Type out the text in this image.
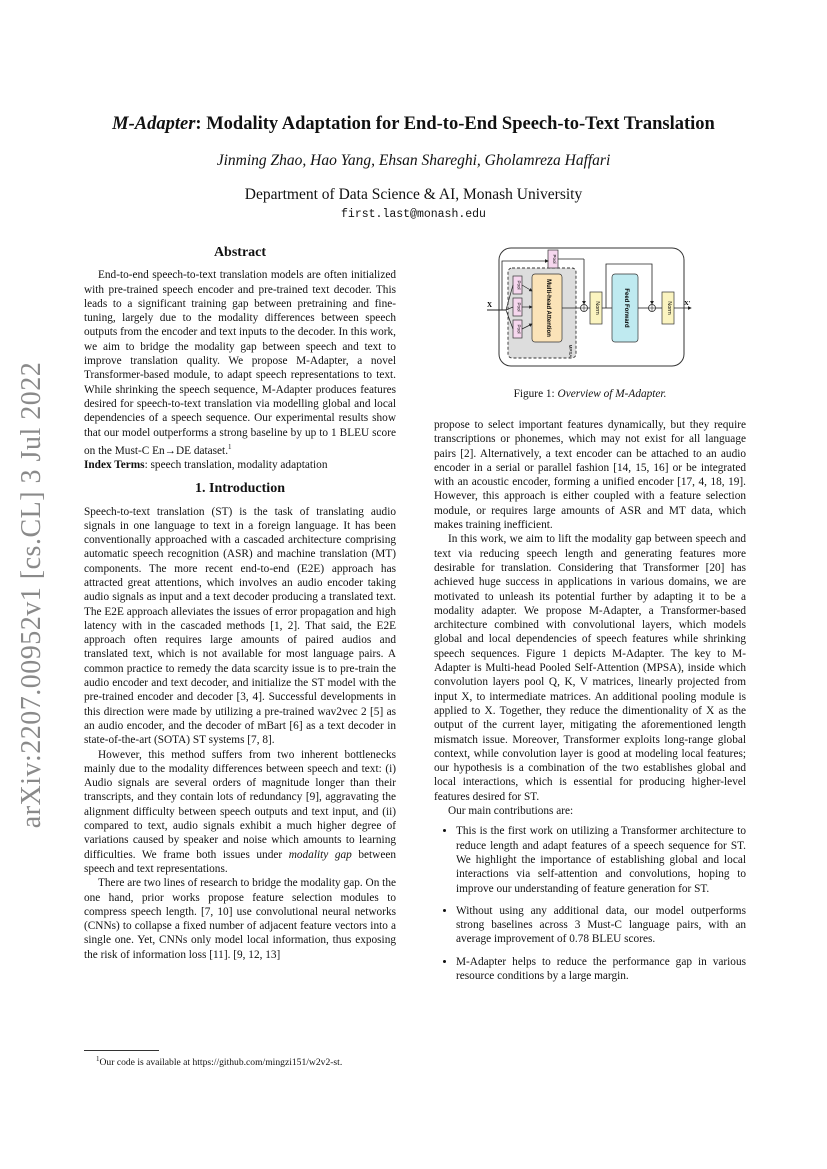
arXiv:2207.00952v1 [cs.CL] 3 Jul 2022
M-Adapter: Modality Adaptation for End-to-End Speech-to-Text Translation
Jinming Zhao, Hao Yang, Ehsan Shareghi, Gholamreza Haffari
Department of Data Science & AI, Monash University
first.last@monash.edu
Abstract

End-to-end speech-to-text translation models are often initialized with pre-trained speech encoder and pre-trained text decoder. This leads to a significant training gap between pretraining and fine-tuning, largely due to the modality differences between speech outputs from the encoder and text inputs to the decoder. In this work, we aim to bridge the modality gap between speech and text to improve translation quality. We propose M-Adapter, a novel Transformer-based module, to adapt speech representations to text. While shrinking the speech sequence, M-Adapter produces features desired for speech-to-text translation via modelling global and local dependencies of a speech sequence. Our experimental results show that our model outperforms a strong baseline by up to 1 BLEU score on the Must-C En→DE dataset.$^1$

Index Terms: speech translation, modality adaptation

1. Introduction

Speech-to-text translation (ST) is the task of translating audio signals in one language to text in a foreign language. It has been conventionally approached with a cascaded architecture comprising automatic speech recognition (ASR) and machine translation (MT) components. The more recent end-to-end (E2E) approach has attracted great attentions, which involves an audio encoder taking audio signals as input and a text decoder producing a translated text. The E2E approach alleviates the issues of error propagation and high latency with in the cascaded methods [1, 2]. That said, the E2E approach often requires large amounts of paired audios and translated text, which is not available for most language pairs. A common practice to remedy the data scarcity issue is to pre-train the audio encoder and text decoder, and initialize the ST model with the pre-trained encoder and decoder [3, 4]. Successful developments in this direction were made by utilizing a pre-trained wav2vec 2 [5] as an audio encoder, and the decoder of mBart [6] as a text decoder in state-of-the-art (SOTA) ST systems [7, 8].

However, this method suffers from two inherent bottlenecks mainly due to the modality differences between speech and text: (i) Audio signals are several orders of magnitude longer than their transcripts, and they contain lots of redundancy [9], aggravating the alignment difficulty between speech outputs and text input, and (ii) compared to text, audio signals exhibit a much higher degree of variations caused by speaker and noise which amounts to learning difficulties. We frame both issues under modality gap between speech and text representations.

There are two lines of research to bridge the modality gap. On the one hand, prior works propose feature selection modules to compress speech length. [7, 10] use convolutional neural networks (CNNs) to collapse a fixed number of adjacent feature vectors into a single one. Yet, CNNs only model local information, thus exposing the risk of information loss [11]. [9, 12, 13]

$^1$Our code is available at https://github.com/mingzi151/w2v2-st.
X
Pool
Pool
Pool
Pool	Multi-head Attention
MPSA
Norm	Feed Forward	Norm X'
Figure 1: Overview of M-Adapter.

propose to select important features dynamically, but they require transcriptions or phonemes, which may not exist for all language pairs [2]. Alternatively, a text encoder can be attached to an audio encoder in a serial or parallel fashion [14, 15, 16] or be integrated with an acoustic encoder, forming a unified encoder [17, 4, 18, 19]. However, this approach is either coupled with a feature selection module, or requires large amounts of ASR and MT data, which makes training inefficient.

In this work, we aim to lift the modality gap between speech and text via reducing speech length and generating features more desirable for translation. Considering that Transformer [20] has achieved huge success in applications in various domains, we are motivated to unleash its potential further by adapting it to be a modality adapter. We propose M-Adapter, a Transformer-based architecture combined with convolutional layers, which models global and local dependencies of speech features while shrinking speech sequences. Figure 1 depicts M-Adapter. The key to M-Adapter is Multi-head Pooled Self-Attention (MPSA), inside which convolution layers pool Q, K, V matrices, linearly projected from input X, to intermediate matrices. An additional pooling module is applied to X. Together, they reduce the dimentionality of X as the output of the current layer, mitigating the aforementioned length mismatch issue. Moreover, Transformer exploits long-range global context, while convolution layer is good at modeling local features; our hypothesis is a combination of the two establishes global and local interactions, which is essential for producing higher-level features desired for ST.

Our main contributions are:

• This is the first work on utilizing a Transformer architecture to reduce length and adapt features of a speech sequence for ST. We highlight the importance of establishing global and local interactions via self-attention and convolutions, hoping to improve our understanding of feature generation for ST.
• Without using any additional data, our model outperforms strong baselines across 3 Must-C language pairs, with an average improvement of 0.78 BLEU scores.
• M-Adapter helps to reduce the performance gap in various resource conditions by a large margin.
